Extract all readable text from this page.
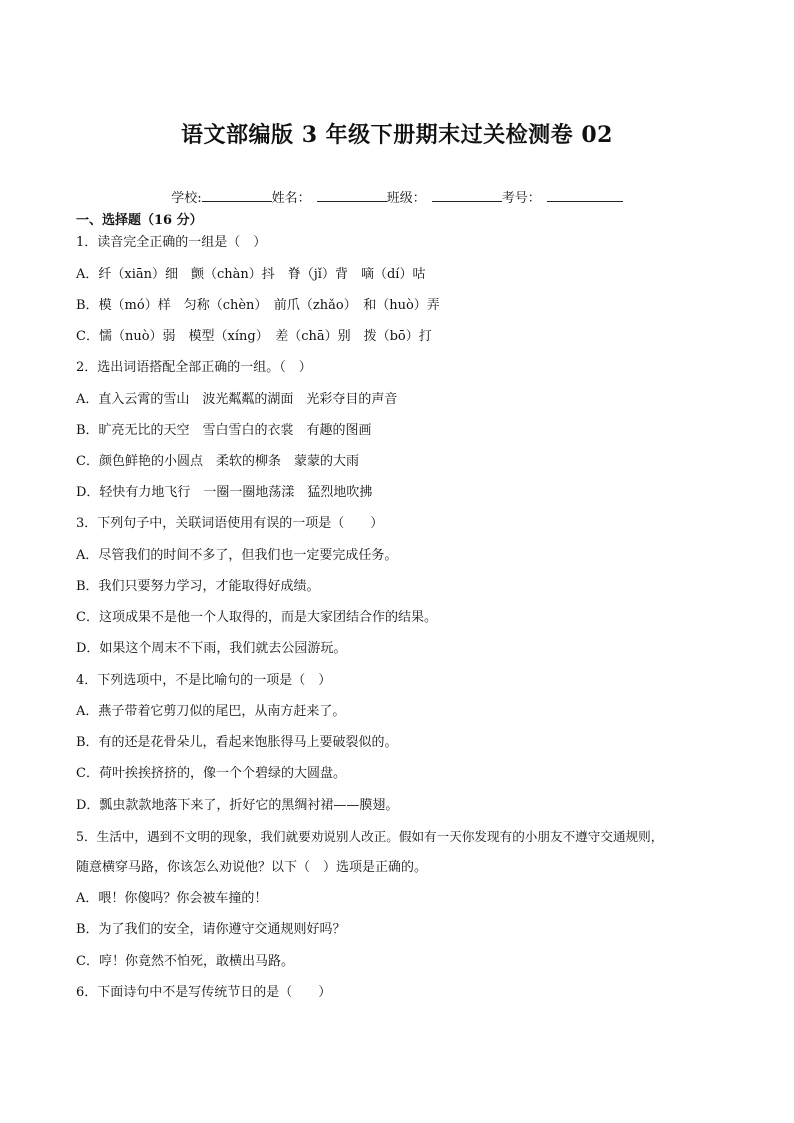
语文部编版 3 年级下册期末过关检测卷 02
学校:	姓名：	班级：	考号：
一、选择题（16 分）
1．读音完全正确的一组是（　）
A．纤（xiān）细　颤（chàn）抖　脊（jǐ）背　嘀（dí）咕
B．模（mó）样　匀称（chèn）　前爪（zhǎo）　和（huò）弄
C．懦（nuò）弱　模型（xíng）　差（chā）别　拨（bō）打
2．选出词语搭配全部正确的一组。（　）
A．直入云霄的雪山　波光粼粼的湖面　光彩夺目的声音
B．旷亮无比的天空　雪白雪白的衣裳　有趣的图画
C．颜色鲜艳的小圆点　柔软的柳条　蒙蒙的大雨
D．轻快有力地飞行　一圈一圈地荡漾　猛烈地吹拂
3．下列句子中，关联词语使用有误的一项是（　　）
A．尽管我们的时间不多了，但我们也一定要完成任务。
B．我们只要努力学习，才能取得好成绩。
C．这项成果不是他一个人取得的，而是大家团结合作的结果。
D．如果这个周末不下雨，我们就去公园游玩。
4．下列选项中，不是比喻句的一项是（　）
A．燕子带着它剪刀似的尾巴，从南方赶来了。
B．有的还是花骨朵儿，看起来饱胀得马上要破裂似的。
C．荷叶挨挨挤挤的，像一个个碧绿的大圆盘。
D．瓢虫款款地落下来了，折好它的黑绸衬裙——膜翅。
5．生活中，遇到不文明的现象，我们就要劝说别人改正。假如有一天你发现有的小朋友不遵守交通规则，
随意横穿马路，你该怎么劝说他？以下（　）选项是正确的。
A．喂！你傻吗？你会被车撞的！
B．为了我们的安全，请你遵守交通规则好吗？
C．哼！你竟然不怕死，敢横出马路。
6．下面诗句中不是写传统节日的是（　　）
